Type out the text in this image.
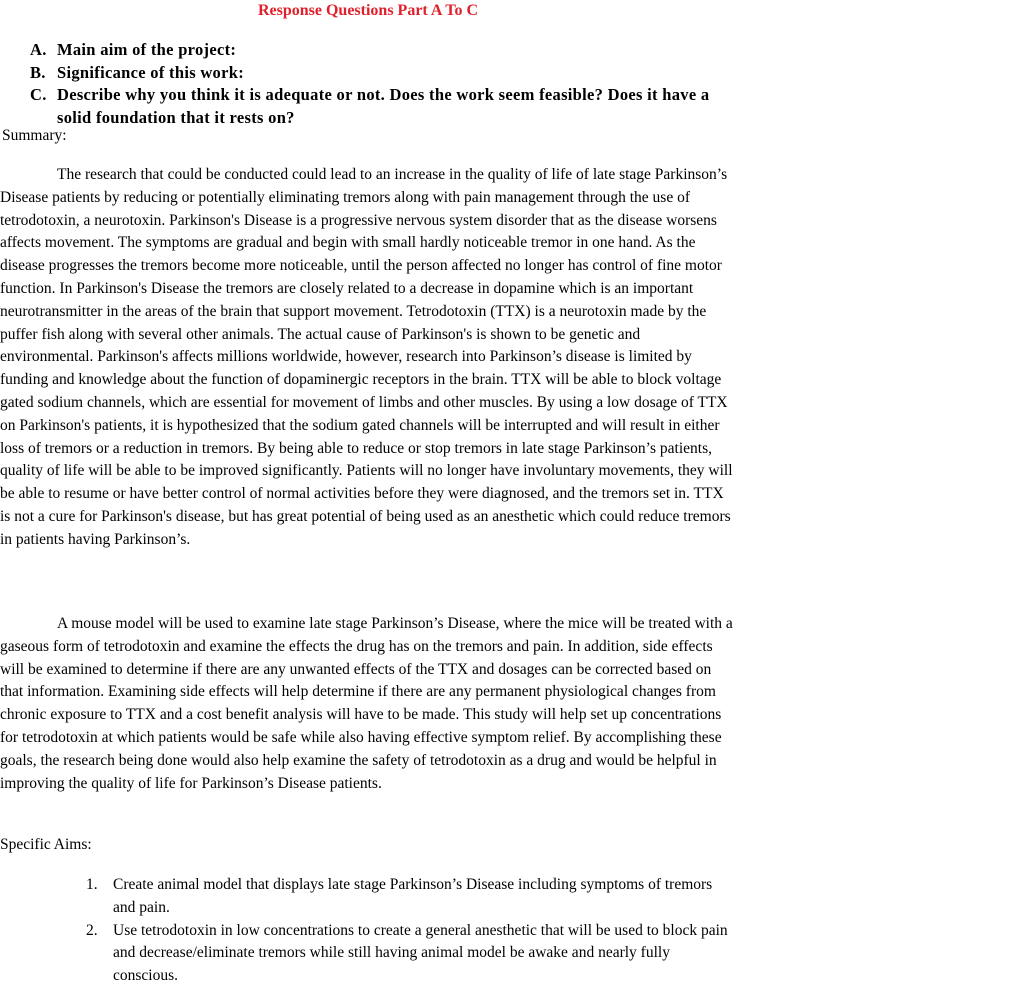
Response Questions Part A To C
A. Main aim of the project:
B. Significance of this work:
C. Describe why you think it is adequate or not. Does the work seem feasible? Does it have a solid foundation that it rests on?
Summary:

The research that could be conducted could lead to an increase in the quality of life of late stage Parkinson’s Disease patients by reducing or potentially eliminating tremors along with pain management through the use of tetrodotoxin, a neurotoxin. Parkinson's Disease is a progressive nervous system disorder that as the disease worsens affects movement. The symptoms are gradual and begin with small hardly noticeable tremor in one hand. As the disease progresses the tremors become more noticeable, until the person affected no longer has control of fine motor function. In Parkinson's Disease the tremors are closely related to a decrease in dopamine which is an important neurotransmitter in the areas of the brain that support movement. Tetrodotoxin (TTX) is a neurotoxin made by the puffer fish along with several other animals. The actual cause of Parkinson's is shown to be genetic and environmental. Parkinson's affects millions worldwide, however, research into Parkinson’s disease is limited by funding and knowledge about the function of dopaminergic receptors in the brain. TTX will be able to block voltage gated sodium channels, which are essential for movement of limbs and other muscles. By using a low dosage of TTX on Parkinson's patients, it is hypothesized that the sodium gated channels will be interrupted and will result in either loss of tremors or a reduction in tremors. By being able to reduce or stop tremors in late stage Parkinson’s patients, quality of life will be able to be improved significantly. Patients will no longer have involuntary movements, they will be able to resume or have better control of normal activities before they were diagnosed, and the tremors set in. TTX is not a cure for Parkinson's disease, but has great potential of being used as an anesthetic which could reduce tremors in patients having Parkinson’s.

A mouse model will be used to examine late stage Parkinson’s Disease, where the mice will be treated with a gaseous form of tetrodotoxin and examine the effects the drug has on the tremors and pain. In addition, side effects will be examined to determine if there are any unwanted effects of the TTX and dosages can be corrected based on that information. Examining side effects will help determine if there are any permanent physiological changes from chronic exposure to TTX and a cost benefit analysis will have to be made. This study will help set up concentrations for tetrodotoxin at which patients would be safe while also having effective symptom relief. By accomplishing these goals, the research being done would also help examine the safety of tetrodotoxin as a drug and would be helpful in improving the quality of life for Parkinson’s Disease patients.

Specific Aims:
1. Create animal model that displays late stage Parkinson’s Disease including symptoms of tremors and pain.
2. Use tetrodotoxin in low concentrations to create a general anesthetic that will be used to block pain and decrease/eliminate tremors while still having animal model be awake and nearly fully conscious.
